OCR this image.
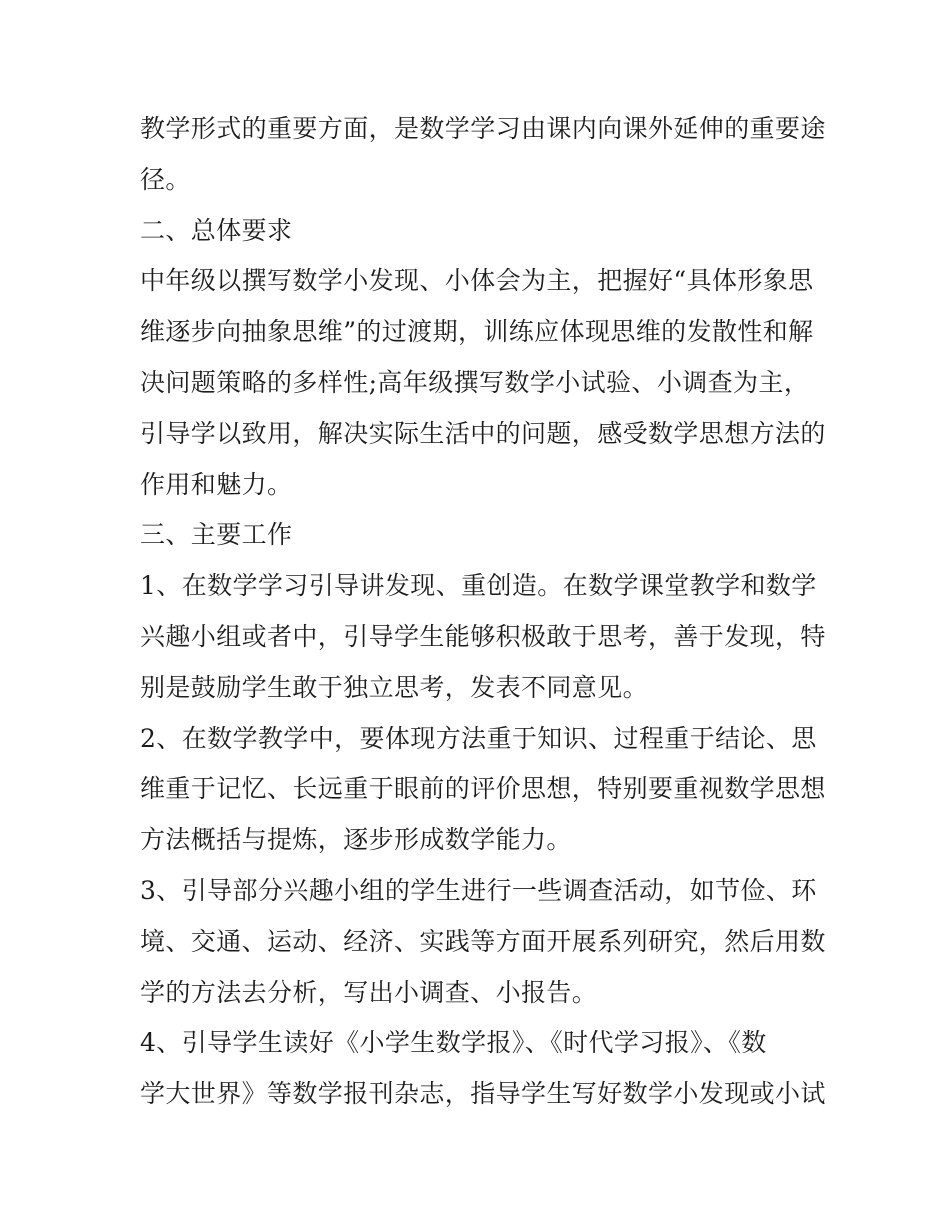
教学形式的重要方面，是数学学习由课内向课外延伸的重要途
径。
二、总体要求
中年级以撰写数学小发现、小体会为主，把握好“具体形象思
维逐步向抽象思维”的过渡期，训练应体现思维的发散性和解
决问题策略的多样性;高年级撰写数学小试验、小调查为主，
引导学以致用，解决实际生活中的问题，感受数学思想方法的
作用和魅力。
三、主要工作
1、在数学学习引导讲发现、重创造。在数学课堂教学和数学
兴趣小组或者中，引导学生能够积极敢于思考，善于发现，特
别是鼓励学生敢于独立思考，发表不同意见。
2、在数学教学中，要体现方法重于知识、过程重于结论、思
维重于记忆、长远重于眼前的评价思想，特别要重视数学思想
方法概括与提炼，逐步形成数学能力。
3、引导部分兴趣小组的学生进行一些调查活动，如节俭、环
境、交通、运动、经济、实践等方面开展系列研究，然后用数
学的方法去分析，写出小调查、小报告。
4、引导学生读好《小学生数学报》、《时代学习报》、《数
学大世界》等数学报刊杂志，指导学生写好数学小发现或小试
